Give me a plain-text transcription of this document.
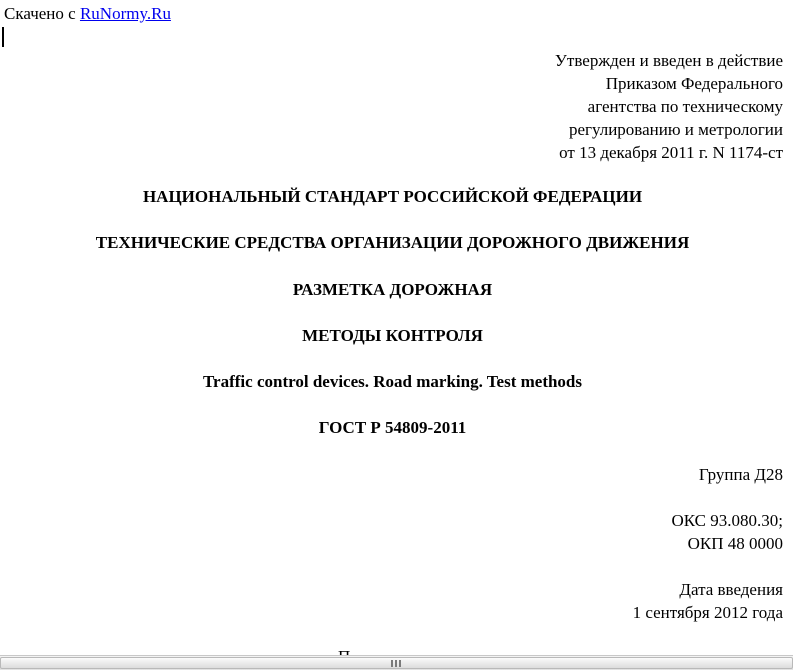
Скачено с RuNormy.Ru
Утвержден и введен в действие
Приказом Федерального
агентства по техническому
регулированию и метрологии
от 13 декабря 2011 г. N 1174-ст
НАЦИОНАЛЬНЫЙ СТАНДАРТ РОССИЙСКОЙ ФЕДЕРАЦИИ
ТЕХНИЧЕСКИЕ СРЕДСТВА ОРГАНИЗАЦИИ ДОРОЖНОГО ДВИЖЕНИЯ
РАЗМЕТКА ДОРОЖНАЯ
МЕТОДЫ КОНТРОЛЯ
Traffic control devices. Road marking. Test methods
ГОСТ Р 54809-2011
Группа Д28
ОКС 93.080.30;
ОКП 48 0000
Дата введения
1 сентября 2012 года
